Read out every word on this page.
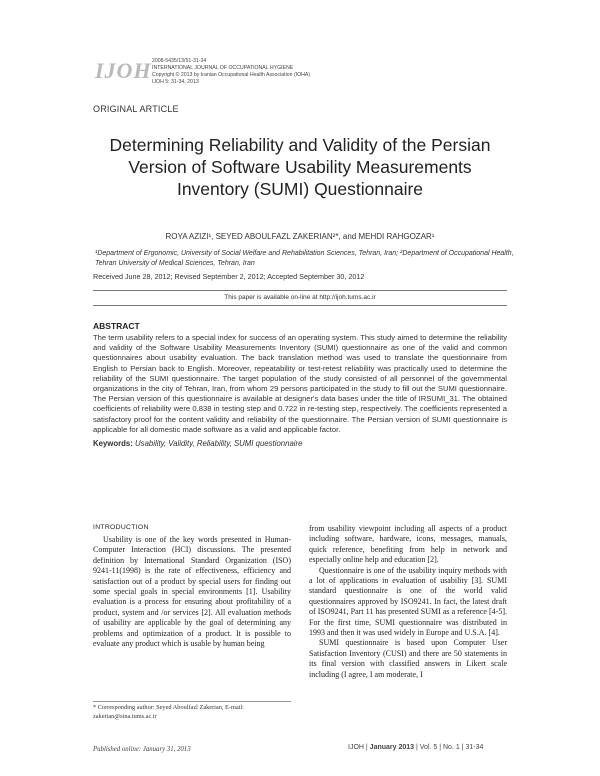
IJOH 2008-5435/13/51-31-34
INTERNATIONAL JOURNAL OF OCCUPATIONAL HYGIENE
Copyright © 2013 by Iranian Occupational Health Association (IOHA)
IJOH 5: 31-34, 2013
ORIGINAL ARTICLE
Determining Reliability and Validity of the Persian
Version of Software Usability Measurements
Inventory (SUMI) Questionnaire
ROYA AZIZI¹, SEYED ABOULFAZL ZAKERIAN²*, and MEHDI RAHGOZAR¹
¹Department of Ergonomic, University of Social Welfare and Rehabilitation Sciences, Tehran, Iran; ²Department of Occupational Health, Tehran University of Medical Sciences, Tehran, Iran
Received June 28, 2012; Revised September 2, 2012; Accepted September 30, 2012
This paper is available on-line at http://ijoh.tums.ac.ir
ABSTRACT
The term usability refers to a special index for success of an operating system. This study aimed to determine the reliability and validity of the Software Usability Measurements Inventory (SUMI) questionnaire as one of the valid and common questionnaires about usability evaluation. The back translation method was used to translate the questionnaire from English to Persian back to English. Moreover, repeatability or test-retest reliability was practically used to determine the reliability of the SUMI questionnaire. The target population of the study consisted of all personnel of the governmental organizations in the city of Tehran, Iran, from whom 29 persons participated in the study to fill out the SUMI questionnaire. The Persian version of this questionnaire is available at designer's data bases under the title of IRSUMI_31. The obtained coefficients of reliability were 0.838 in testing step and 0.722 in re-testing step, respectively. The coefficients represented a satisfactory proof for the content validity and reliability of the questionnaire. The Persian version of SUMI questionnaire is applicable for all domestic made software as a valid and applicable factor.
Keywords: Usability, Validity, Reliability, SUMI questionnaire
INTRODUCTION

Usability is one of the key words presented in Human-Computer Interaction (HCI) discussions. The presented definition by International Standard Organization (ISO) 9241-11(1998) is the rate of effectiveness, efficiency and satisfaction out of a product by special users for finding out some special goals in special environments [1]. Usability evaluation is a process for ensuring about profitability of a product, system and /or services [2]. All evaluation methods of usability are applicable by the goal of determining any problems and optimization of a product. It is possible to evaluate any product which is usable by human being

from usability viewpoint including all aspects of a product including software, hardware, icons, messages, manuals, quick reference, benefiting from help in network and especially online help and education [2].

Questionnaire is one of the usability inquiry methods with a lot of applications in evaluation of usability [3]. SUMI standard questionnaire is one of the world valid questionnaires approved by ISO9241. In fact, the latest draft of ISO9241, Part 11 has presented SUMI as a reference [4-5]. For the first time, SUMI questionnaire was distributed in 1993 and then it was used widely in Europe and U.S.A. [4].

SUMI questionnaire is based upon Computer User Satisfaction Inventory (CUSI) and there are 50 statements in its final version with classified answers in Likert scale including (I agree, I am moderate, I

* Corresponding author: Seyed Aboulfazl Zakerian, E-mail: zakerian@sina.tums.ac.ir
Published online: January 31, 2013	IJOH | January 2013 | Vol. 5 | No. 1 | 31-34
